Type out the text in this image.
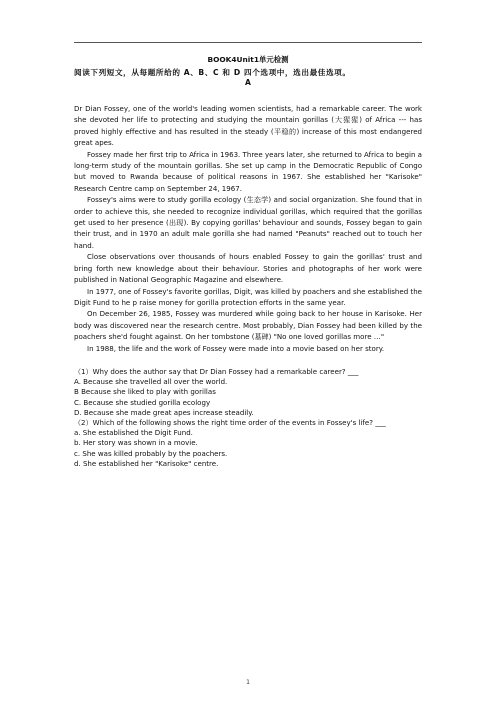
BOOK4Unit1单元检测

阅读下列短文，从每题所给的 A、B、C 和 D 四个选项中，选出最佳选项。

A

Dr Dian Fossey, one of the world's leading women scientists, had a remarkable career. The work she devoted her life to protecting and studying the mountain gorillas (大猩猩) of Africa --- has proved highly effective and has resulted in the steady (平稳的) increase of this most endangered great apes.

Fossey made her first trip to Africa in 1963. Three years later, she returned to Africa to begin a long-term study of the mountain gorillas. She set up camp in the Democratic Republic of Congo but moved to Rwanda because of political reasons in 1967. She established her "Karisoke" Research Centre camp on September 24, 1967.

Fossey's aims were to study gorilla ecology (生态学) and social organization. She found that in order to achieve this, she needed to recognize individual gorillas, which required that the gorillas get used to her presence (出现). By copying gorillas' behaviour and sounds, Fossey began to gain their trust, and in 1970 an adult male gorilla she had named "Peanuts" reached out to touch her hand.

Close observations over thousands of hours enabled Fossey to gain the gorillas' trust and bring forth new knowledge about their behaviour. Stories and photographs of her work were published in National Geographic Magazine and elsewhere.

In 1977, one of Fossey's favorite gorillas, Digit, was killed by poachers and she established the Digit Fund to he p raise money for gorilla protection efforts in the same year.

On December 26, 1985, Fossey was murdered while going back to her house in Karisoke. Her body was discovered near the research centre. Most probably, Dian Fossey had been killed by the poachers she'd fought against. On her tombstone (墓碑) "No one loved gorillas more …"

In 1988, the life and the work of Fossey were made into a movie based on her story.

（1）Why does the author say that Dr Dian Fossey had a remarkable career? ___

A. Because she travelled all over the world.

B Because she liked to play with gorillas

C. Because she studied gorilla ecology

D. Because she made great apes increase steadily.

（2）Which of the following shows the right time order of the events in Fossey's life? ___

a. She established the Digit Fund.

b. Her story was shown in a movie.

c. She was killed probably by the poachers.

d. She established her "Karisoke" centre.

1
